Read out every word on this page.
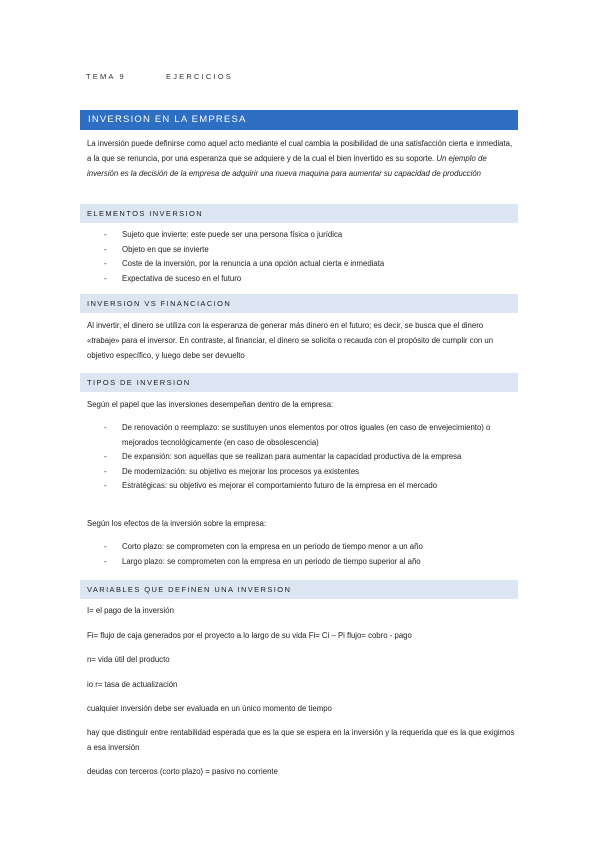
TEMA 9	EJERCICIOS
INVERSION EN LA EMPRESA
La inversión puede definirse como aquel acto mediante el cual cambia la posibilidad de una satisfacción cierta e inmediata, a la que se renuncia, por una esperanza que se adquiere y de la cual el bien invertido es su soporte. Un ejemplo de inversión es la decisión de la empresa de adquirir una nueva maquina para aumentar su capacidad de producción
ELEMENTOS INVERSION
- Sujeto que invierte: este puede ser una persona física o jurídica
- Objeto en que se invierte
- Coste de la inversión, por la renuncia a una opción actual cierta e inmediata
- Expectativa de suceso en el futuro
INVERSION VS FINANCIACION
Al invertir, el dinero se utiliza con la esperanza de generar más dinero en el futuro; es decir, se busca que el dinero «trabaje» para el inversor. En contraste, al financiar, el dinero se solicita o recauda con el propósito de cumplir con un objetivo específico, y luego debe ser devuelto
TIPOS DE INVERSION
Según el papel que las inversiones desempeñan dentro de la empresa:
- De renovación o reemplazo: se sustituyen unos elementos por otros iguales (en caso de envejecimiento) o mejorados tecnológicamente (en caso de obsolescencia)
- De expansión: son aquellas que se realizan para aumentar la capacidad productiva de la empresa
- De modernización: su objetivo es mejorar los procesos ya existentes
- Estratégicas: su objetivo es mejorar el comportamiento futuro de la empresa en el mercado
Según los efectos de la inversión sobre la empresa:
- Corto plazo: se comprometen con la empresa en un periodo de tiempo menor a un año
- Largo plazo: se comprometen con la empresa en un periodo de tiempo superior al año
VARIABLES QUE DEFINEN UNA INVERSION
I= el pago de la inversión
Fi= flujo de caja generados por el proyecto a lo largo de su vida Fi= Ci – Pi flujo= cobro - pago
n= vida útil del producto
io r= tasa de actualización
cualquier inversión debe ser evaluada en un único momento de tiempo
hay que distinguir entre rentabilidad esperada que es la que se espera en la inversión y la requerida que es la que exigimos a esa inversión
deudas con terceros (corto plazo) = pasivo no corriente
